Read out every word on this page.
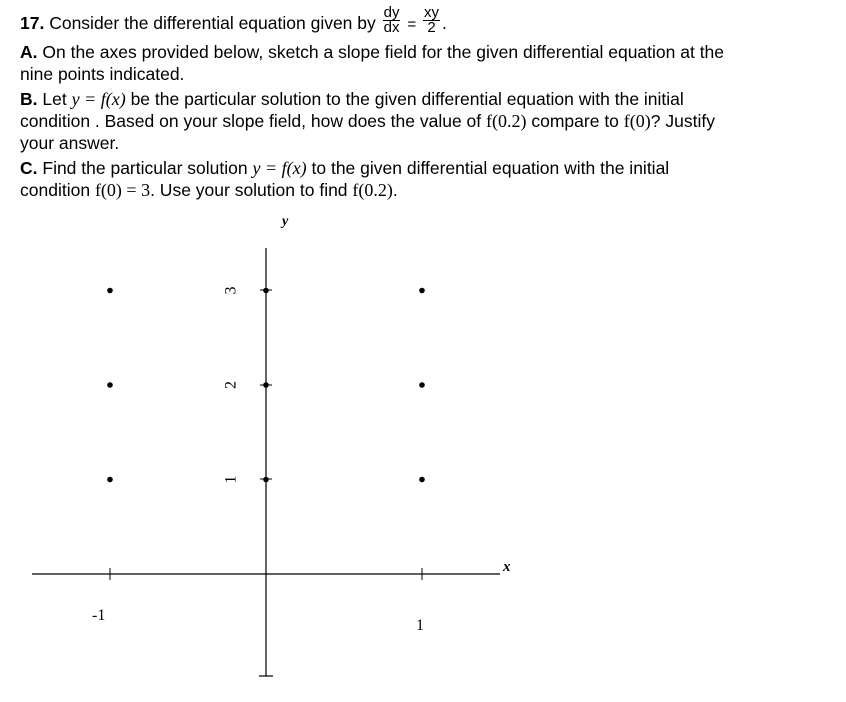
17. Consider the differential equation given by $\frac{dy}{dx} = \frac{xy}{2}$ .
A. On the axes provided below, sketch a slope field for the given differential equation at the
nine points indicated.
B. Let y = f(x) be the particular solution to the given differential equation with the initial
condition . Based on your slope field, how does the value of f(0.2) compare to f(0)? Justify
your answer.
C. Find the particular solution y = f(x) to the given differential equation with the initial
condition f(0) = 3. Use your solution to find f(0.2).
y
x
-1
1
1
2
3
